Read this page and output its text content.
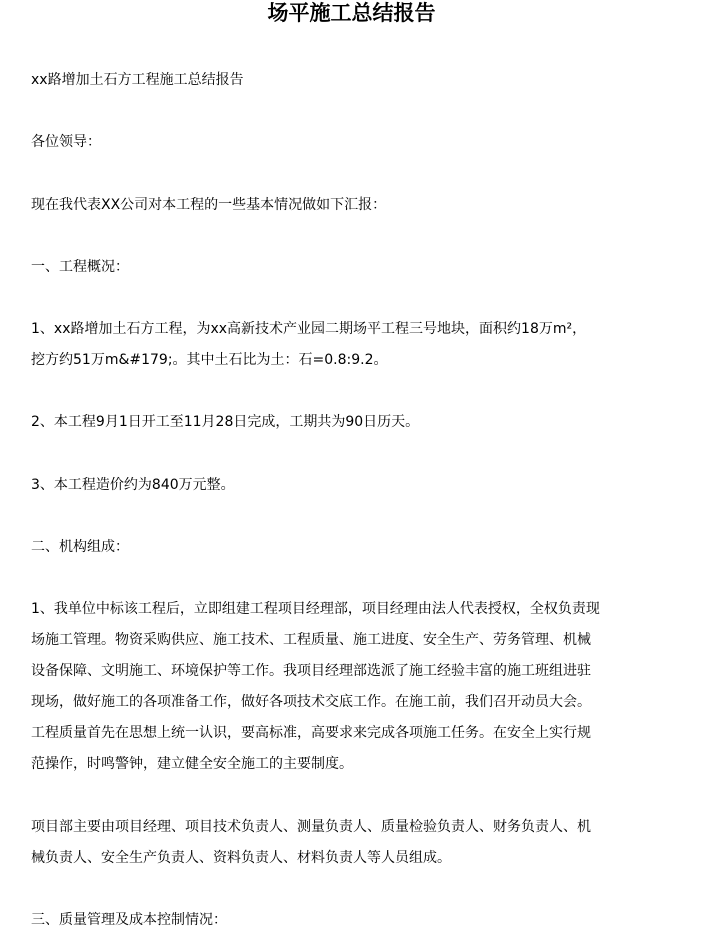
场平施工总结报告
xx路增加土石方工程施工总结报告
各位领导：
现在我代表XX公司对本工程的一些基本情况做如下汇报：
一、工程概况：
1、xx路增加土石方工程，为xx高新技术产业园二期场平工程三号地块，面积约18万m²，
挖方约51万m&#179;。其中土石比为土：石=0.8:9.2。
2、本工程9月1日开工至11月28日完成，工期共为90日历天。
3、本工程造价约为840万元整。
二、机构组成：
1、我单位中标该工程后，立即组建工程项目经理部，项目经理由法人代表授权，全权负责现
场施工管理。物资采购供应、施工技术、工程质量、施工进度、安全生产、劳务管理、机械
设备保障、文明施工、环境保护等工作。我项目经理部选派了施工经验丰富的施工班组进驻
现场，做好施工的各项准备工作，做好各项技术交底工作。在施工前，我们召开动员大会。
工程质量首先在思想上统一认识，要高标准，高要求来完成各项施工任务。在安全上实行规
范操作，时鸣警钟，建立健全安全施工的主要制度。
项目部主要由项目经理、项目技术负责人、测量负责人、质量检验负责人、财务负责人、机
械负责人、安全生产负责人、资料负责人、材料负责人等人员组成。
三、质量管理及成本控制情况：
